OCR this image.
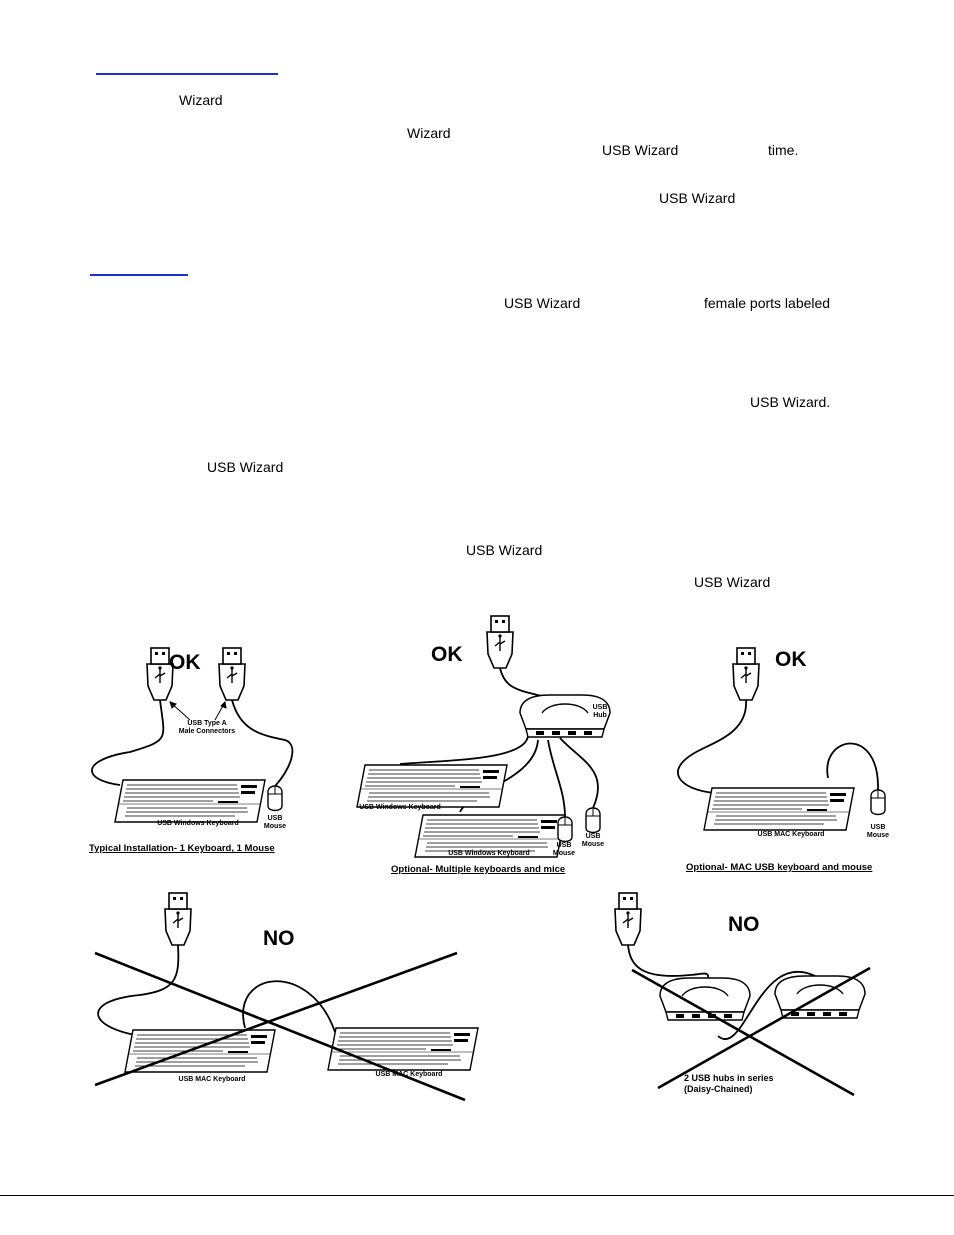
Wizard
Wizard
USB Wizard	time.
USB Wizard
USB Wizard	female ports labeled
USB Wizard.
USB Wizard
USB Wizard
USB Wizard
OK	OK	OK
NO
NO
USB Type A
Male Connectors
USB Windows Keyboard
USB
Mouse
Typical Installation- 1 Keyboard, 1 Mouse
USB
Hub
USB Windows Keyboard
USB Windows Keyboard
USB
Mouse
USB
Mouse
Optional- Multiple keyboards and mice
USB MAC Keyboard
USB
Mouse
Optional- MAC USB keyboard and mouse
USB MAC Keyboard
USB MAC Keyboard	2 USB hubs in series
(Daisy-Chained)
